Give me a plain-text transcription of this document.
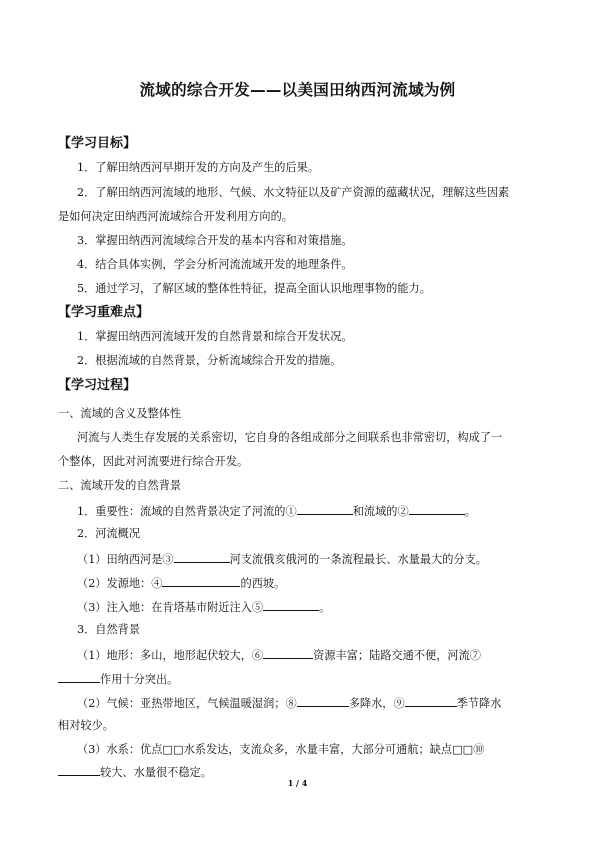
流域的综合开发——以美国田纳西河流域为例
【学习目标】
1．了解田纳西河早期开发的方向及产生的后果。
2．了解田纳西河流域的地形、气候、水文特征以及矿产资源的蕴藏状况，理解这些因素
是如何决定田纳西河流域综合开发利用方向的。
3．掌握田纳西河流域综合开发的基本内容和对策措施。
4．结合具体实例，学会分析河流流域开发的地理条件。
5．通过学习，了解区域的整体性特征，提高全面认识地理事物的能力。
【学习重难点】
1．掌握田纳西河流域开发的自然背景和综合开发状况。
2．根据流域的自然背景，分析流域综合开发的措施。
【学习过程】
一、流域的含义及整体性
河流与人类生存发展的关系密切，它自身的各组成部分之间联系也非常密切，构成了一
个整体，因此对河流要进行综合开发。
二、流域开发的自然背景
1．重要性：流域的自然背景决定了河流的①	和流域的②	。
2．河流概况
（1）田纳西河是③	河支流俄亥俄河的一条流程最长、水量最大的分支。
（2）发源地：④	的西坡。
（3）注入地：在肯塔基市附近注入⑤	。
3．自然背景
（1）地形：多山，地形起伏较大，⑥	资源丰富；陆路交通不便，河流⑦
作用十分突出。
（2）气候：亚热带地区，气候温暖湿润；⑧	多降水，⑨	季节降水
相对较少。
（3）水系：优点□□水系发达，支流众多，水量丰富，大部分可通航；缺点□□⑩
较大、水量很不稳定。
1 / 4
